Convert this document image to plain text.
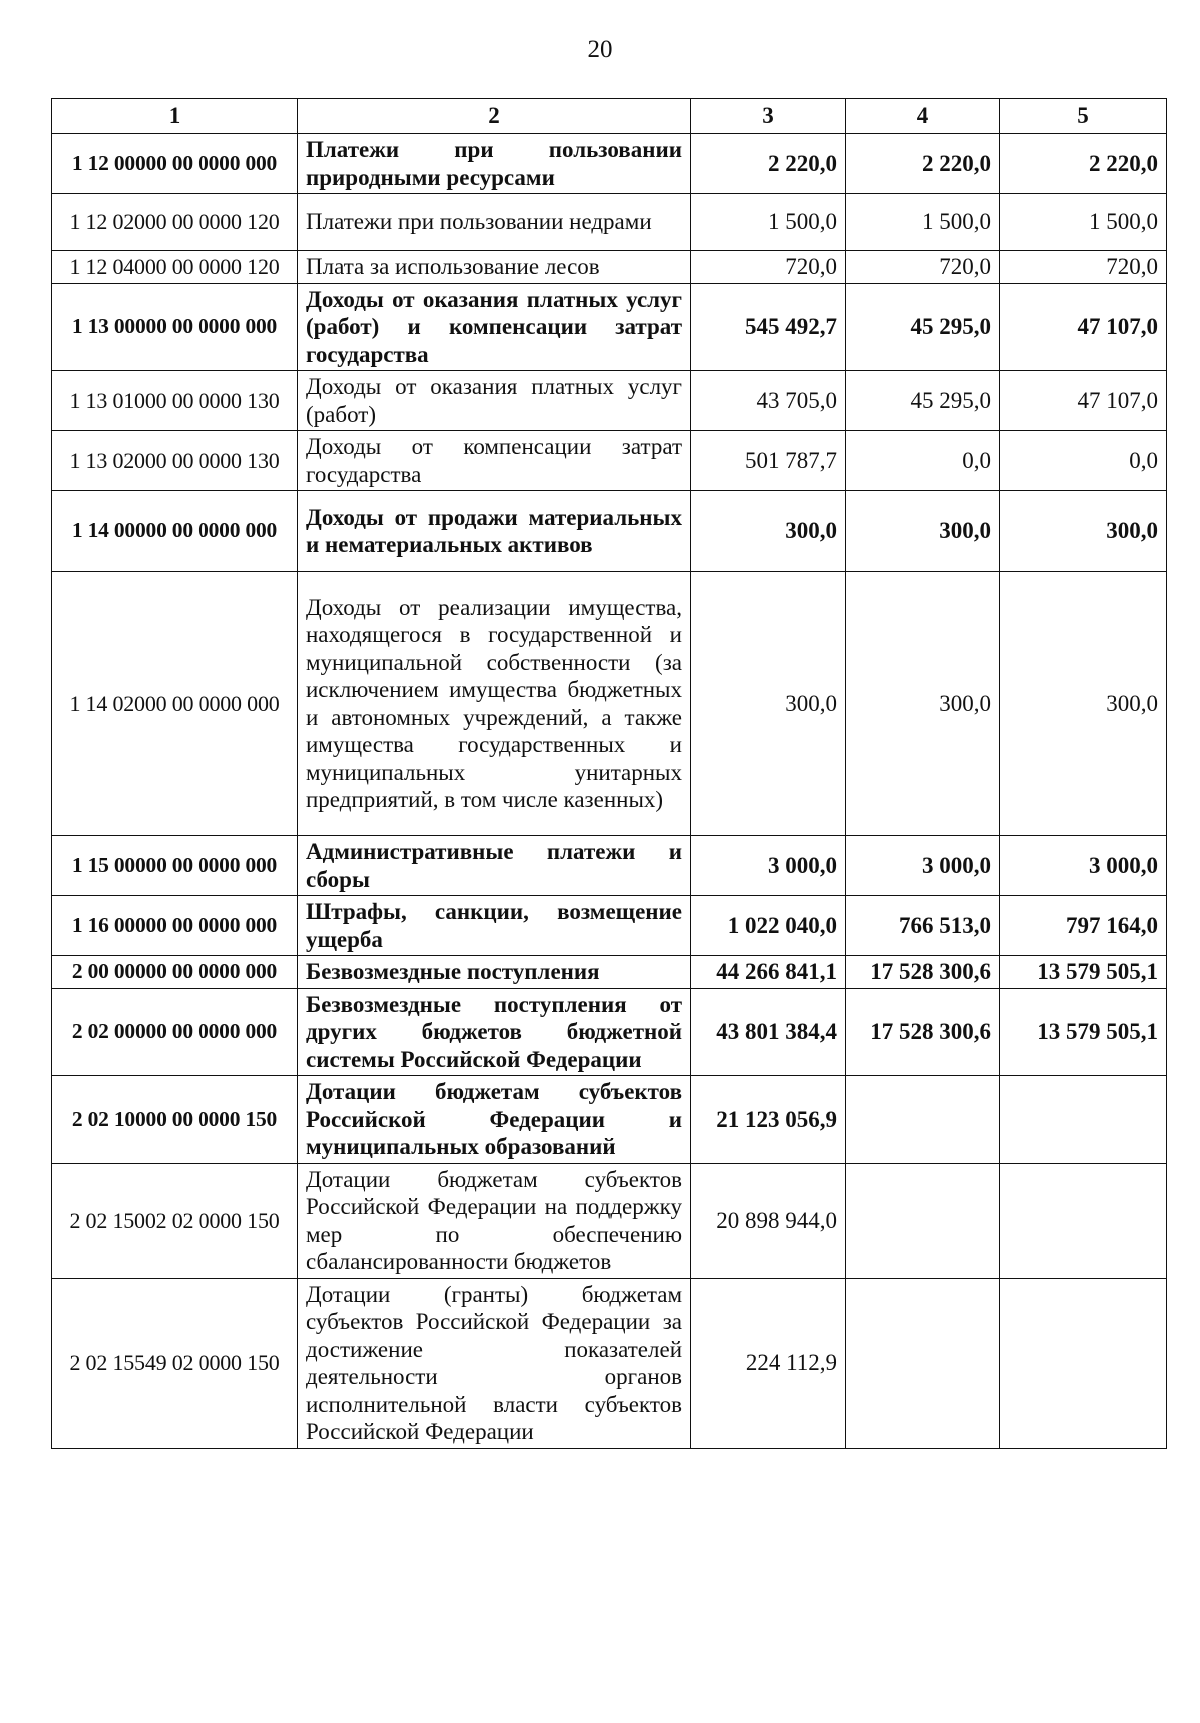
20
1	2	3	4	5
1 12 00000 00 0000 000	Платежи при пользовании природными ресурсами	2 220,0	2 220,0	2 220,0
1 12 02000 00 0000 120	Платежи при пользовании недрами	1 500,0	1 500,0	1 500,0
1 12 04000 00 0000 120	Плата за использование лесов	720,0	720,0	720,0
1 13 00000 00 0000 000	Доходы от оказания платных услуг (работ) и компенсации затрат государства	545 492,7	45 295,0	47 107,0
1 13 01000 00 0000 130	Доходы от оказания платных услуг (работ)	43 705,0	45 295,0	47 107,0
1 13 02000 00 0000 130	Доходы от компенсации затрат государства	501 787,7	0,0	0,0
1 14 00000 00 0000 000	Доходы от продажи материальных и нематериальных активов	300,0	300,0	300,0
1 14 02000 00 0000 000	Доходы от реализации имущества, находящегося в государственной и муниципальной собственности (за исключением имущества бюджетных и автономных учреждений, а также имущества государственных и муниципальных унитарных предприятий, в том числе казенных)	300,0	300,0	300,0
1 15 00000 00 0000 000	Административные платежи и сборы	3 000,0	3 000,0	3 000,0
1 16 00000 00 0000 000	Штрафы, санкции, возмещение ущерба	1 022 040,0	766 513,0	797 164,0
2 00 00000 00 0000 000	Безвозмездные поступления	44 266 841,1	17 528 300,6	13 579 505,1
2 02 00000 00 0000 000	Безвозмездные поступления от других бюджетов бюджетной системы Российской Федерации	43 801 384,4	17 528 300,6	13 579 505,1
2 02 10000 00 0000 150	Дотации бюджетам субъектов Российской Федерации и муниципальных образований	21 123 056,9		
2 02 15002 02 0000 150	Дотации бюджетам субъектов Российской Федерации на поддержку мер по обеспечению сбалансированности бюджетов	20 898 944,0		
2 02 15549 02 0000 150	Дотации (гранты) бюджетам субъектов Российской Федерации за достижение показателей деятельности органов исполнительной власти субъектов Российской Федерации	224 112,9		
